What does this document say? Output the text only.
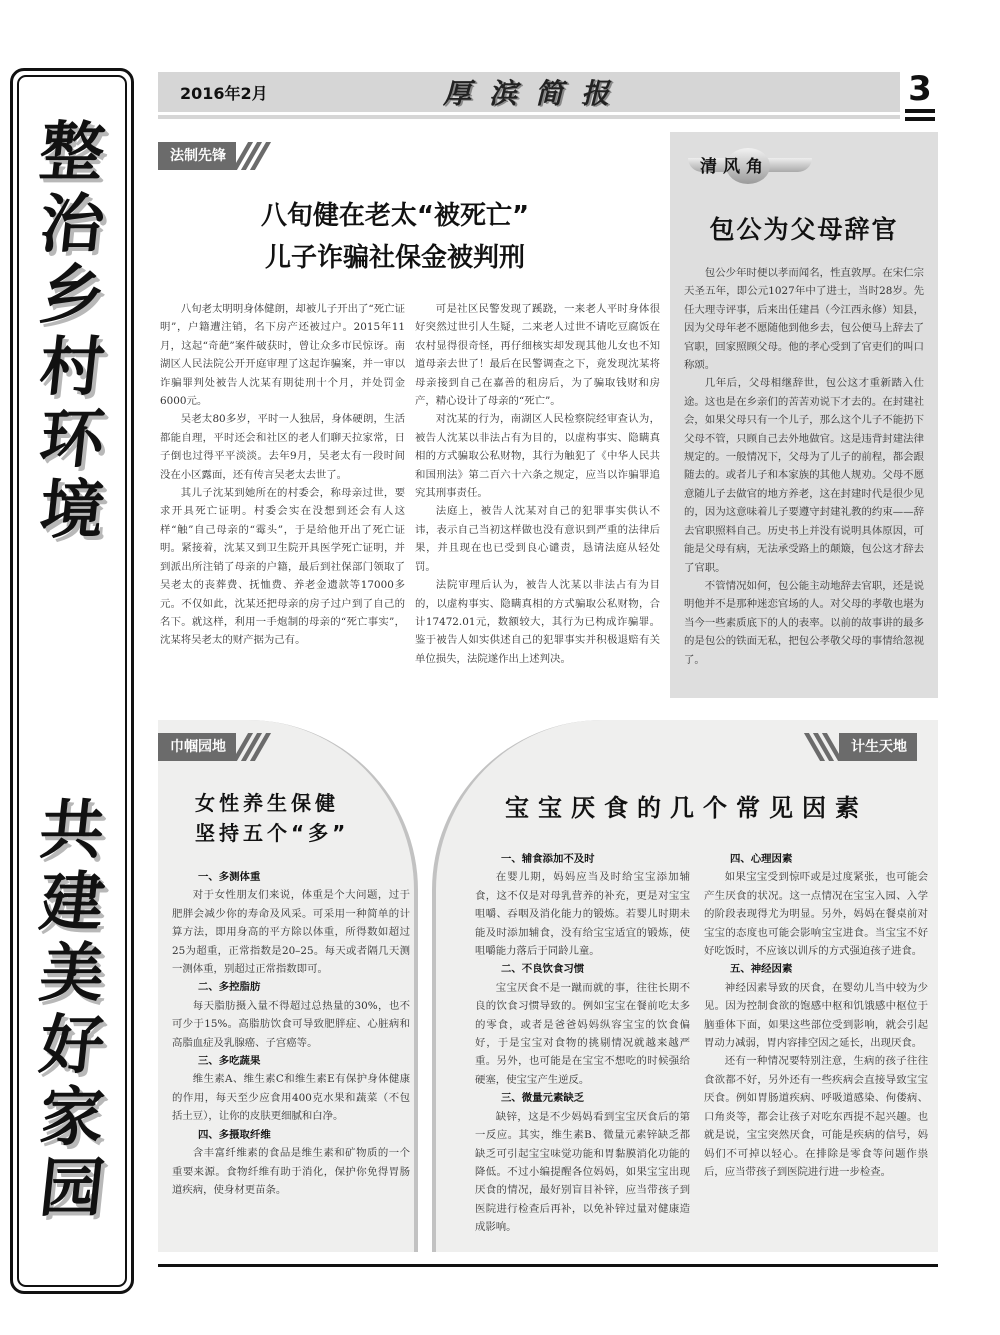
整
治
乡
村
环
境
共
建
美
好
家
园
2016年2月	厚滨简报	3
法制先锋
八旬健在老太“被死亡”
儿子诈骗社保金被判刑

八旬老太明明身体健朗，却被儿子开出了“死亡证明”，户籍遭注销，名下房产还被过户。2015年11月，这起“奇葩”案件破获时，曾让众多市民惊讶。南湖区人民法院公开开庭审理了这起诈骗案，并一审以诈骗罪判处被告人沈某有期徒刑十个月，并处罚金6000元。

吴老太80多岁，平时一人独居，身体硬朗，生活都能自理，平时还会和社区的老人们聊天拉家常，日子倒也过得平平淡淡。去年9月，吴老太有一段时间没在小区露面，还有传言吴老太去世了。

其儿子沈某到她所在的村委会，称母亲过世，要求开具死亡证明。村委会实在没想到还会有人这样“触”自己母亲的“霉头”，于是给他开出了死亡证明。紧接着，沈某又到卫生院开具医学死亡证明，并到派出所注销了母亲的户籍，最后到社保部门领取了吴老太的丧葬费、抚恤费、养老金遗款等17000多元。不仅如此，沈某还把母亲的房子过户到了自己的名下。就这样，利用一手炮制的母亲的“死亡事实”，沈某将吴老太的财产据为己有。

可是社区民警发现了蹊跷，一来老人平时身体很好突然过世引人生疑，二来老人过世不请吃豆腐饭在农村显得很奇怪，再仔细核实却发现其他儿女也不知道母亲去世了！最后在民警调查之下，竟发现沈某将母亲接到自己在嘉善的租房后，为了骗取钱财和房产，精心设计了母亲的“死亡”。

对沈某的行为，南湖区人民检察院经审查认为，被告人沈某以非法占有为目的，以虚构事实、隐瞒真相的方式骗取公私财物，其行为触犯了《中华人民共和国刑法》第二百六十六条之规定，应当以诈骗罪追究其刑事责任。

法庭上，被告人沈某对自己的犯罪事实供认不讳，表示自己当初这样做也没有意识到严重的法律后果，并且现在也已受到良心谴责，恳请法庭从轻处罚。

法院审理后认为，被告人沈某以非法占有为目的，以虚构事实、隐瞒真相的方式骗取公私财物，合计17472.01元，数额较大，其行为已构成诈骗罪。鉴于被告人如实供述自己的犯罪事实并积极退赔有关单位损失，法院遂作出上述判决。

清风角
包公为父母辞官

包公少年时便以孝而闻名，性直敦厚。在宋仁宗天圣五年，即公元1027年中了进士，当时28岁。先任大理寺评事，后来出任建昌（今江西永修）知县，因为父母年老不愿随他到他乡去，包公便马上辞去了官职，回家照顾父母。他的孝心受到了官吏们的叫口称颂。

几年后，父母相继辞世，包公这才重新踏入仕途。这也是在乡亲们的苦苦劝说下才去的。在封建社会，如果父母只有一个儿子，那么这个儿子不能扔下父母不管，只顾自己去外地做官。这是违背封建法律规定的。一般情况下，父母为了儿子的前程，都会跟随去的。或者儿子和本家族的其他人规劝。父母不愿意随儿子去做官的地方养老，这在封建时代是很少见的，因为这意味着儿子要遵守封建礼教的约束——辞去官职照料自己。历史书上并没有说明具体原因，可能是父母有病，无法承受路上的颠簸，包公这才辞去了官职。

不管情况如何，包公能主动地辞去官职，还是说明他并不是那种迷恋官场的人。对父母的孝敬也堪为当今一些素质底下的人的表率。以前的故事讲的最多的是包公的铁面无私，把包公孝敬父母的事情给忽视了。

巾帼园地
女性养生保健
坚持五个“多”
一、多测体重

对于女性朋友们来说，体重是个大问题，过于肥胖会减少你的寿命及风采。可采用一种简单的计算方法，即用身高的平方除以体重，所得数如超过25为超重，正常指数是20–25。每天或者隔几天测一测体重，别超过正常指数即可。

二、多控脂肪

每天脂肪摄入量不得超过总热量的30%，也不可少于15%。高脂肪饮食可导致肥胖症、心脏病和高脂血症及乳腺癌、子宫癌等。

三、多吃蔬果

维生素A、维生素C和维生素E有保护身体健康的作用，每天至少应食用400克水果和蔬菜（不包括土豆），让你的皮肤更细腻和白净。

四、多摄取纤维

含丰富纤维素的食品是维生素和矿物质的一个重要来源。食物纤维有助于消化，保护你免得胃肠道疾病，使身材更苗条。

计生天地
宝宝厌食的几个常见因素
一、辅食添加不及时

在婴儿期，妈妈应当及时给宝宝添加辅食，这不仅是对母乳营养的补充，更是对宝宝咀嚼、吞咽及消化能力的锻炼。若婴儿时期未能及时添加辅食，没有给宝宝适宜的锻炼，使咀嚼能力落后于同龄儿童。

二、不良饮食习惯

宝宝厌食不是一蹴而就的事，往往长期不良的饮食习惯导致的。例如宝宝在餐前吃太多的零食，或者是爸爸妈妈纵容宝宝的饮食偏好，于是宝宝对食物的挑剔情况就越来越严重。另外，也可能是在宝宝不想吃的时候强给硬塞，使宝宝产生逆反。

三、微量元素缺乏

缺锌，这是不少妈妈看到宝宝厌食后的第一反应。其实，维生素B、微量元素锌缺乏都缺乏可引起宝宝味觉功能和胃黏膜消化功能的降低。不过小编提醒各位妈妈，如果宝宝出现厌食的情况，最好别盲目补锌，应当带孩子到医院进行检查后再补，以免补锌过量对健康造成影响。

四、心理因素

如果宝宝受到惊吓或是过度紧张，也可能会产生厌食的状况。这一点情况在宝宝入园、入学的阶段表现得尤为明显。另外，妈妈在餐桌前对宝宝的态度也可能会影响宝宝进食。当宝宝不好好吃饭时，不应该以训斥的方式强迫孩子进食。

五、神经因素

神经因素导致的厌食，在婴幼儿当中较为少见。因为控制食欲的饱感中枢和饥饿感中枢位于脑垂体下面，如果这些部位受到影响，就会引起胃动力减弱，胃内容排空因之延长，出现厌食。

还有一种情况要特别注意，生病的孩子往往食欲都不好，另外还有一些疾病会直接导致宝宝厌食。例如胃肠道疾病、呼吸道感染、佝偻病、口角炎等，都会让孩子对吃东西提不起兴趣。也就是说，宝宝突然厌食，可能是疾病的信号，妈妈们不可掉以轻心。在排除是零食等问题作祟后，应当带孩子到医院进行进一步检查。
